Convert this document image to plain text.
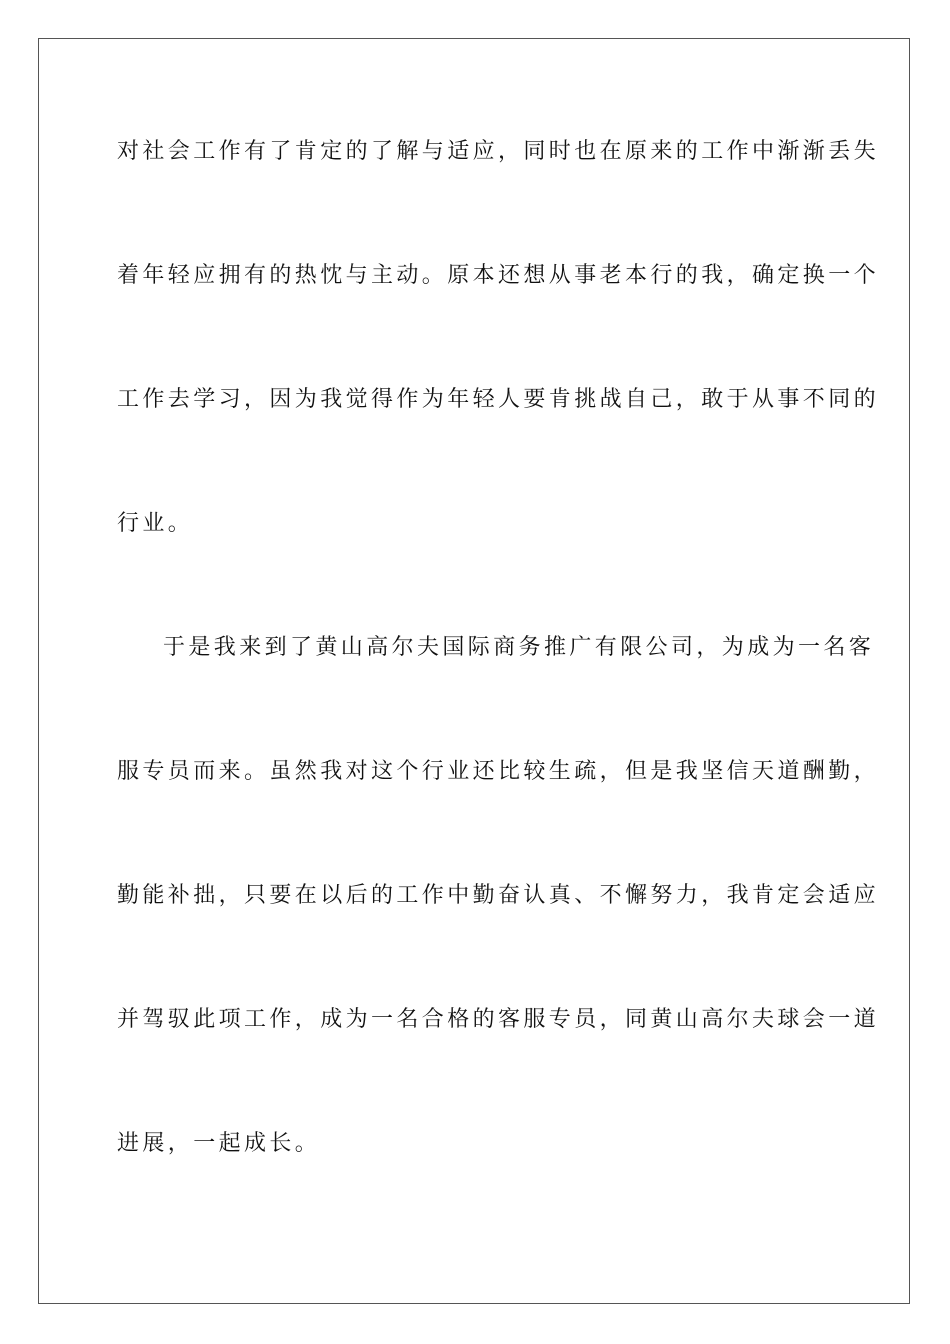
对社会工作有了肯定的了解与适应，同时也在原来的工作中渐渐丢失
着年轻应拥有的热忱与主动。原本还想从事老本行的我，确定换一个
工作去学习，因为我觉得作为年轻人要肯挑战自己，敢于从事不同的
行业。
于是我来到了黄山高尔夫国际商务推广有限公司，为成为一名客
服专员而来。虽然我对这个行业还比较生疏，但是我坚信天道酬勤，
勤能补拙，只要在以后的工作中勤奋认真、不懈努力，我肯定会适应
并驾驭此项工作，成为一名合格的客服专员，同黄山高尔夫球会一道
进展，一起成长。
